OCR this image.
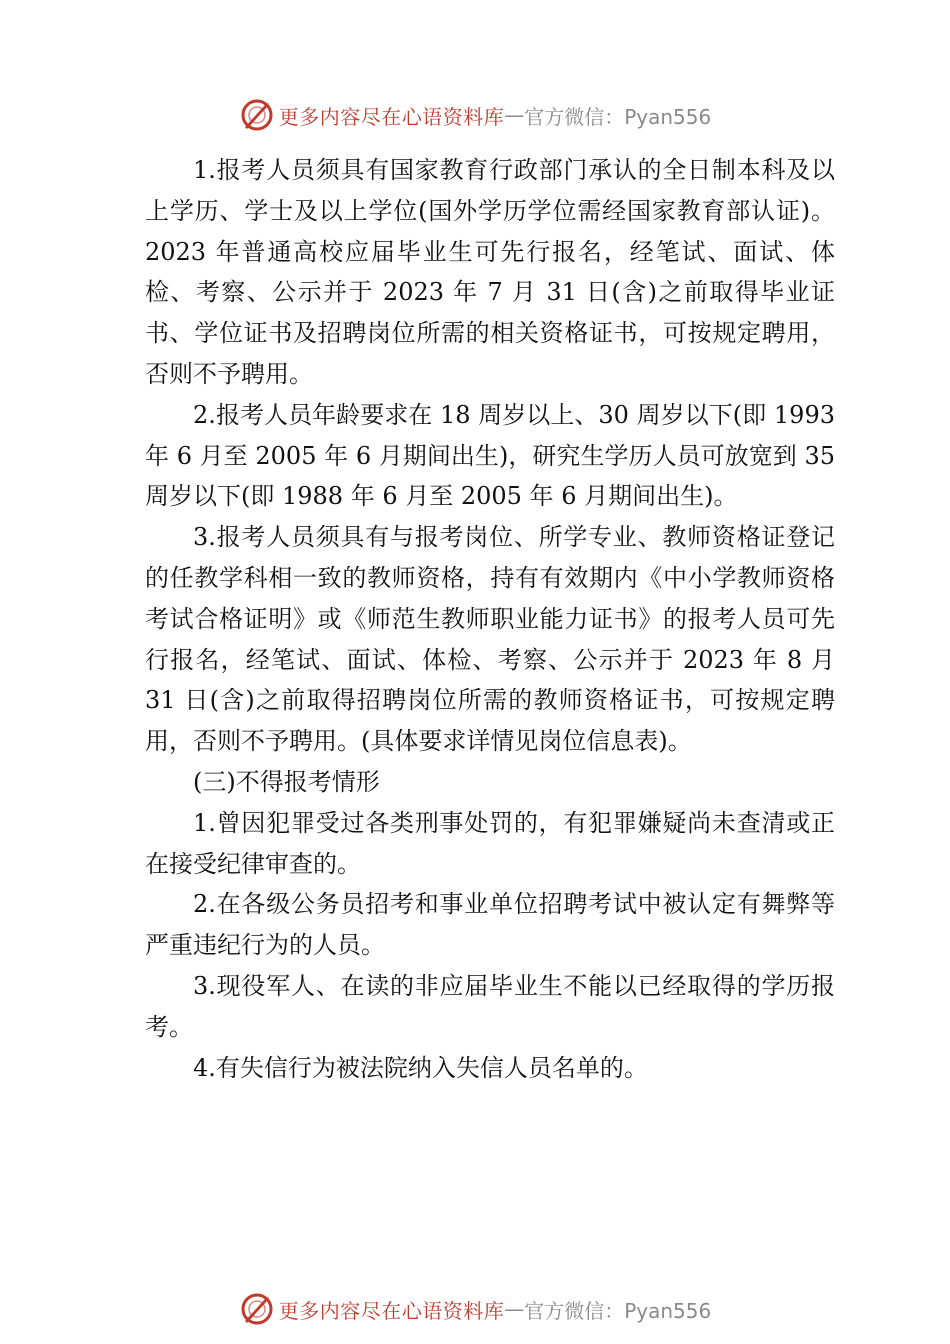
更多内容尽在心语资料库 — 官方微信：Pyan556

1.报考人员须具有国家教育行政部门承认的全日制本科及以上学历、学士及以上学位(国外学历学位需经国家教育部认证)。2023 年普通高校应届毕业生可先行报名，经笔试、面试、体检、考察、公示并于 2023 年 7 月 31 日(含)之前取得毕业证书、学位证书及招聘岗位所需的相关资格证书，可按规定聘用，否则不予聘用。

2.报考人员年龄要求在 18 周岁以上、30 周岁以下(即 1993 年 6 月至 2005 年 6 月期间出生)，研究生学历人员可放宽到 35 周岁以下(即 1988 年 6 月至 2005 年 6 月期间出生)。

3.报考人员须具有与报考岗位、所学专业、教师资格证登记的任教学科相一致的教师资格，持有有效期内《中小学教师资格考试合格证明》或《师范生教师职业能力证书》的报考人员可先行报名，经笔试、面试、体检、考察、公示并于 2023 年 8 月 31 日(含)之前取得招聘岗位所需的教师资格证书，可按规定聘用，否则不予聘用。(具体要求详情见岗位信息表)。

(三)不得报考情形

1.曾因犯罪受过各类刑事处罚的，有犯罪嫌疑尚未查清或正在接受纪律审查的。

2.在各级公务员招考和事业单位招聘考试中被认定有舞弊等严重违纪行为的人员。

3.现役军人、在读的非应届毕业生不能以已经取得的学历报考。

4.有失信行为被法院纳入失信人员名单的。

更多内容尽在心语资料库 — 官方微信：Pyan556
